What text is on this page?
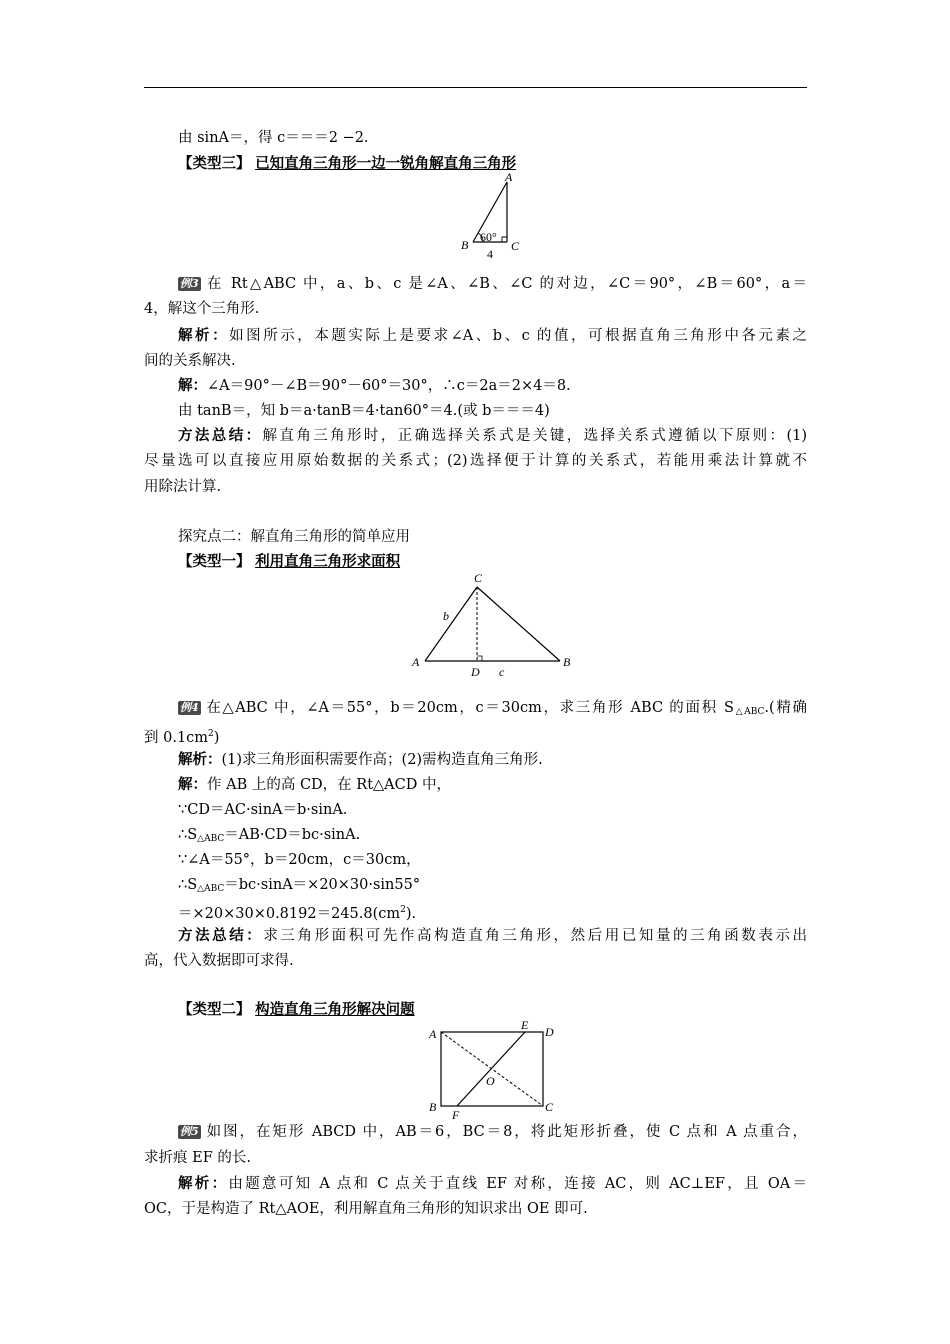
由 sinA＝，得 c＝＝＝2 −2.
【类型三】 已知直角三角形一边一锐角解直角三角形
A
B	C
60°
4
例3 在 Rt△ABC 中，a、b、c 是∠A、∠B、∠C 的对边，∠C＝90°，∠B＝60°，a＝
4，解这个三角形.
解析：如图所示，本题实际上是要求∠A、b、c 的值，可根据直角三角形中各元素之
间的关系解决.
解：∠A＝90°－∠B＝90°－60°＝30°，∴c＝2a＝2×4＝8.
由 tanB＝，知 b＝a·tanB＝4·tan60°＝4.(或 b＝＝＝4)
方法总结：解直角三角形时，正确选择关系式是关键，选择关系式遵循以下原则：(1)
尽量选可以直接应用原始数据的关系式；(2)选择便于计算的关系式，若能用乘法计算就不
用除法计算.
探究点二：解直角三角形的简单应用
【类型一】 利用直角三角形求面积
C
A	B
D
b
c
例4 在△ABC 中，∠A＝55°，b＝20cm，c＝30cm，求三角形 ABC 的面积 $S_{\triangle ABC}$.(精确
到 $0.1cm^2$)
解析：(1)求三角形面积需要作高；(2)需构造直角三角形.
解：作 AB 上的高 CD，在 Rt△ACD 中，
∵CD＝AC·sinA＝b·sinA.
$\therefore S_{\triangle ABC}=AB\cdot CD=bc\cdot\sin A$.
∵∠A＝55°，b＝20cm，c＝30cm，
$\therefore S_{\triangle ABC}=bc\cdot\sin A=\times 20\times 30\cdot\sin 55^\circ$
$=\times 20\times 30\times 0.8192=245.8(cm^2)$.
方法总结：求三角形面积可先作高构造直角三角形，然后用已知量的三角函数表示出
高，代入数据即可求得.
【类型二】 构造直角三角形解决问题
A
B	C
D
E
F
O
例5 如图，在矩形 ABCD 中，AB＝6，BC＝8，将此矩形折叠，使 C 点和 A 点重合，
求折痕 EF 的长.
解析：由题意可知 A 点和 C 点关于直线 EF 对称，连接 AC，则 AC⊥EF，且 OA＝
OC，于是构造了 Rt△AOE，利用解直角三角形的知识求出 OE 即可.
